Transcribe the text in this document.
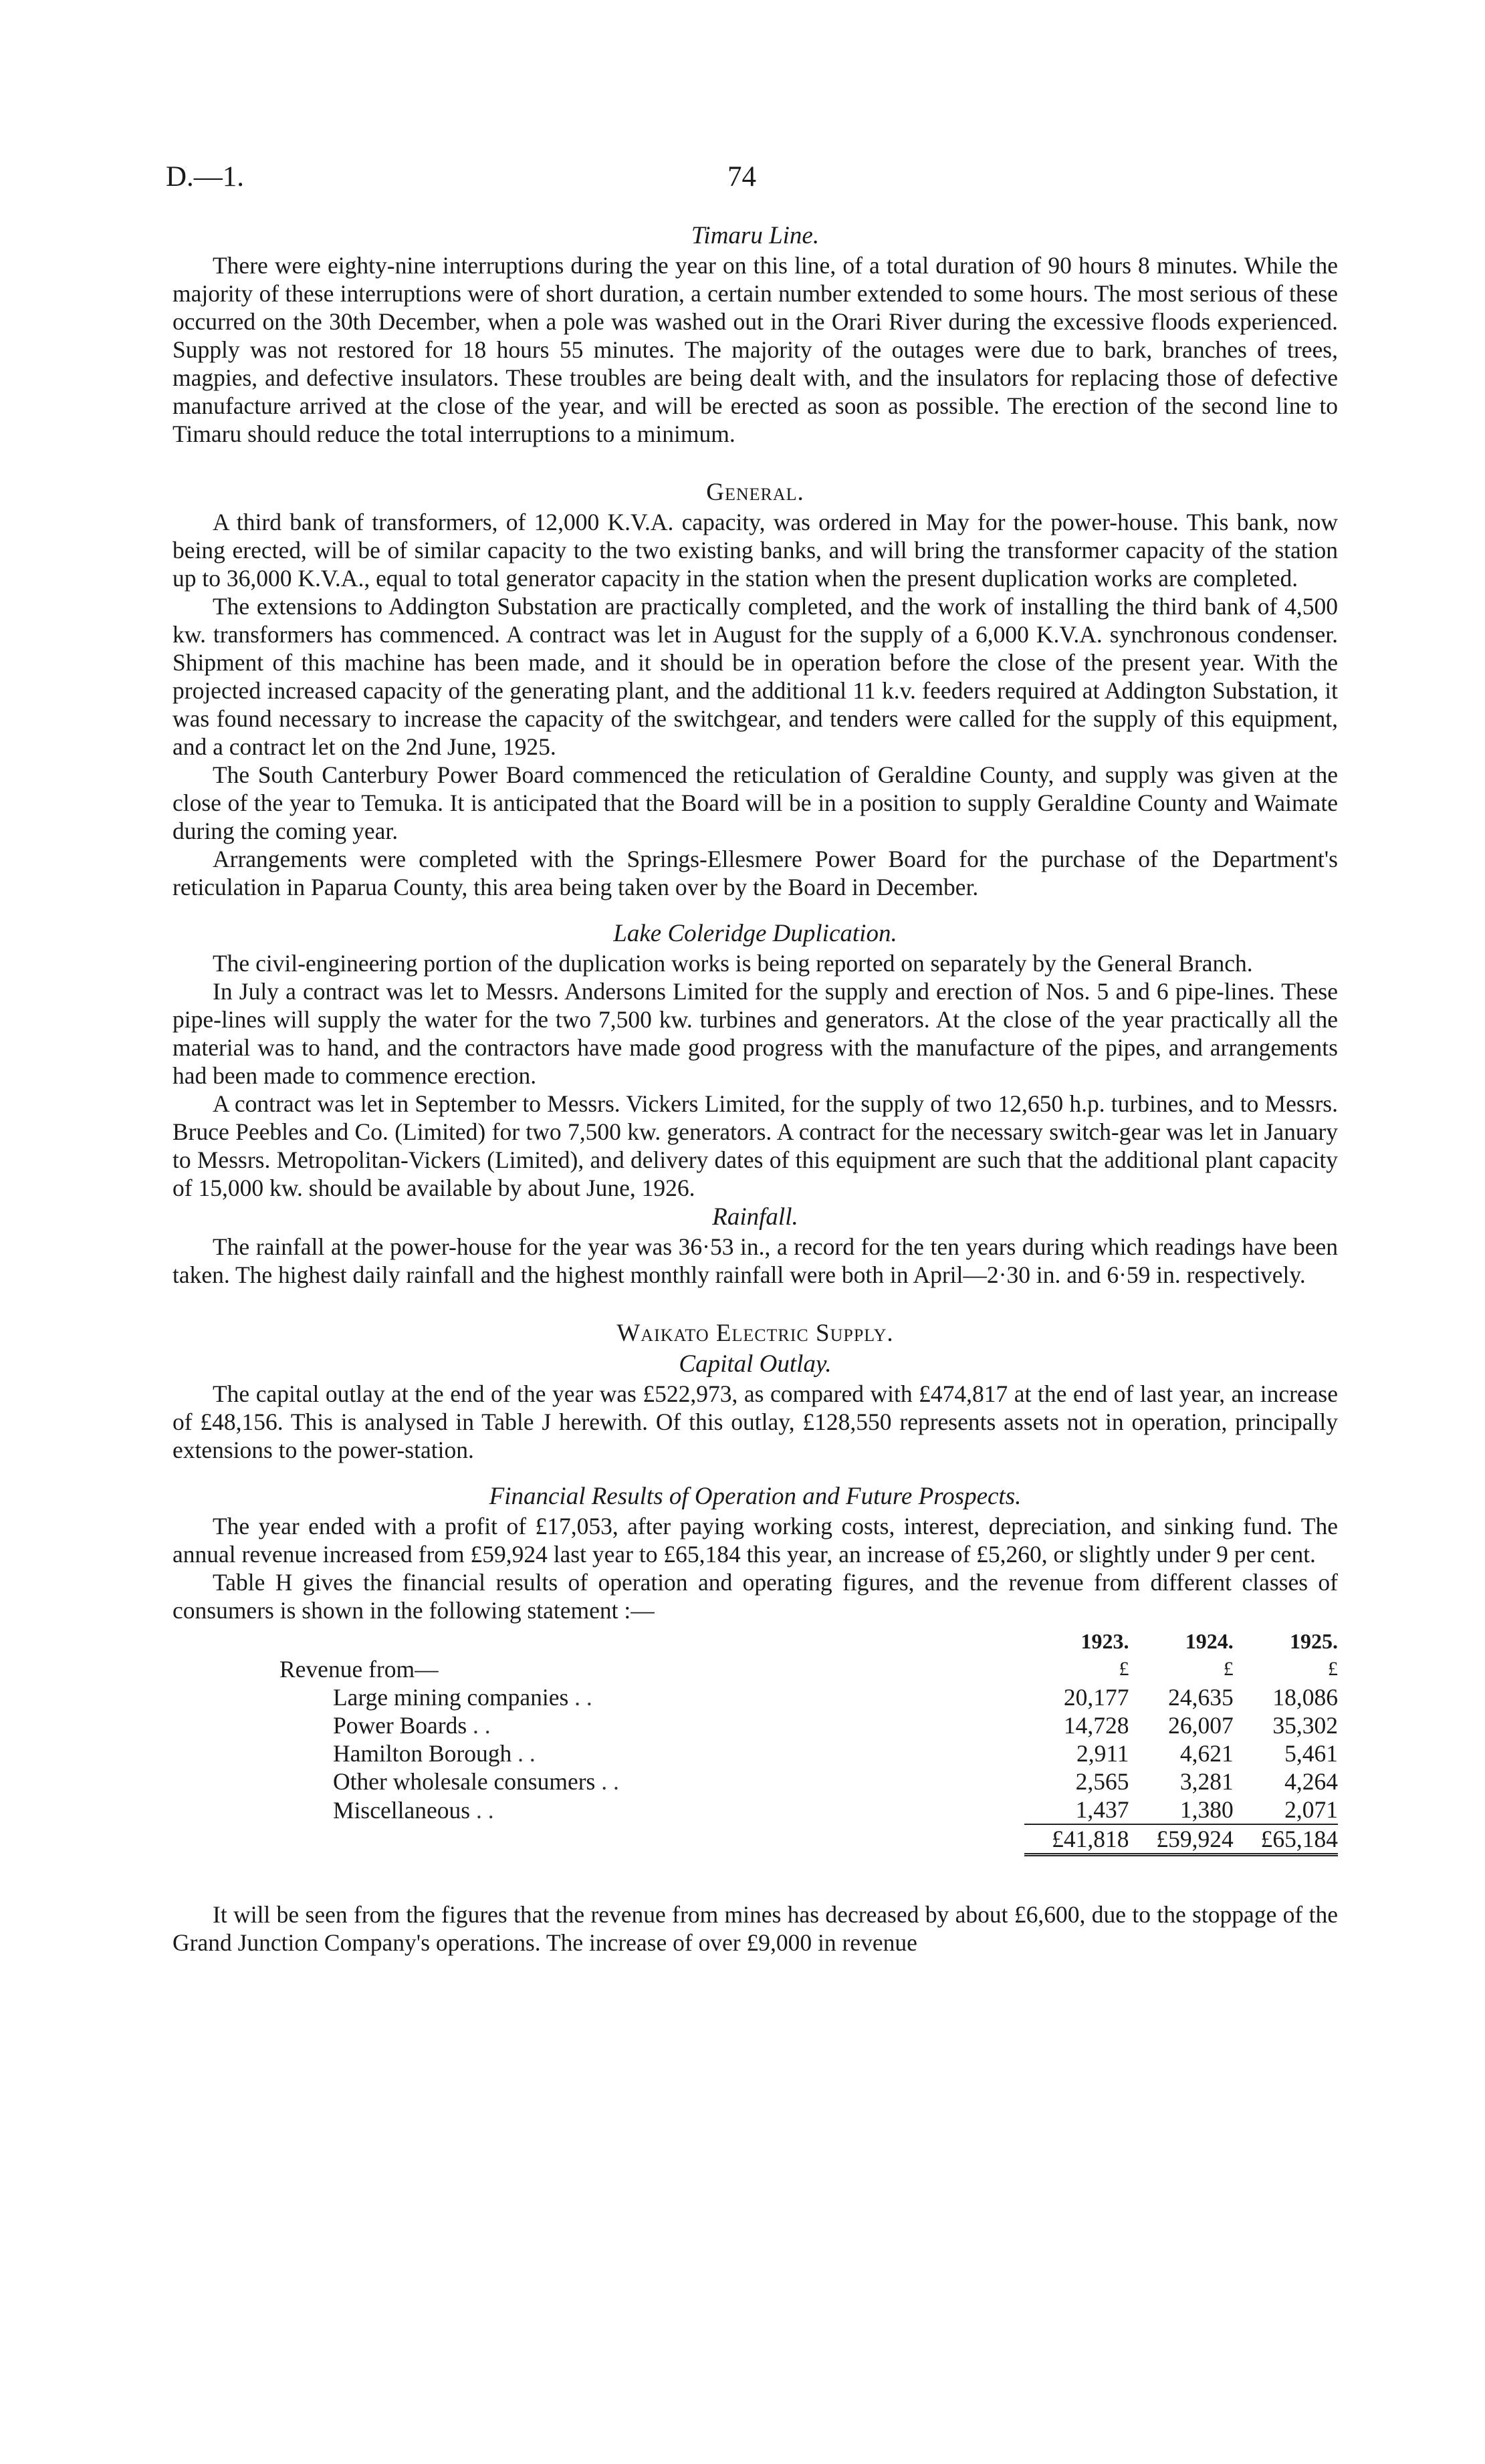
D.—1.	74
Timaru Line.

There were eighty-nine interruptions during the year on this line, of a total duration of 90 hours 8 minutes. While the majority of these interruptions were of short duration, a certain number extended to some hours. The most serious of these occurred on the 30th December, when a pole was washed out in the Orari River during the excessive floods experienced. Supply was not restored for 18 hours 55 minutes. The majority of the outages were due to bark, branches of trees, magpies, and defective insulators. These troubles are being dealt with, and the insulators for replacing those of defective manufacture arrived at the close of the year, and will be erected as soon as possible. The erection of the second line to Timaru should reduce the total interruptions to a minimum.

General.

A third bank of transformers, of 12,000 K.V.A. capacity, was ordered in May for the power-house. This bank, now being erected, will be of similar capacity to the two existing banks, and will bring the transformer capacity of the station up to 36,000 K.V.A., equal to total generator capacity in the station when the present duplication works are completed.

The extensions to Addington Substation are practically completed, and the work of installing the third bank of 4,500 kw. transformers has commenced. A contract was let in August for the supply of a 6,000 K.V.A. synchronous condenser. Shipment of this machine has been made, and it should be in operation before the close of the present year. With the projected increased capacity of the generating plant, and the additional 11 k.v. feeders required at Addington Substation, it was found necessary to increase the capacity of the switchgear, and tenders were called for the supply of this equipment, and a contract let on the 2nd June, 1925.

The South Canterbury Power Board commenced the reticulation of Geraldine County, and supply was given at the close of the year to Temuka. It is anticipated that the Board will be in a position to supply Geraldine County and Waimate during the coming year.

Arrangements were completed with the Springs-Ellesmere Power Board for the purchase of the Department's reticulation in Paparua County, this area being taken over by the Board in December.

Lake Coleridge Duplication.

The civil-engineering portion of the duplication works is being reported on separately by the General Branch.

In July a contract was let to Messrs. Andersons Limited for the supply and erection of Nos. 5 and 6 pipe-lines. These pipe-lines will supply the water for the two 7,500 kw. turbines and generators. At the close of the year practically all the material was to hand, and the contractors have made good progress with the manufacture of the pipes, and arrangements had been made to commence erection.

A contract was let in September to Messrs. Vickers Limited, for the supply of two 12,650 h.p. turbines, and to Messrs. Bruce Peebles and Co. (Limited) for two 7,500 kw. generators. A contract for the necessary switch-gear was let in January to Messrs. Metropolitan-Vickers (Limited), and delivery dates of this equipment are such that the additional plant capacity of 15,000 kw. should be available by about June, 1926.

Rainfall.

The rainfall at the power-house for the year was 36·53 in., a record for the ten years during which readings have been taken. The highest daily rainfall and the highest monthly rainfall were both in April—2·30 in. and 6·59 in. respectively.

Waikato Electric Supply.
Capital Outlay.

The capital outlay at the end of the year was £522,973, as compared with £474,817 at the end of last year, an increase of £48,156. This is analysed in Table J herewith. Of this outlay, £128,550 represents assets not in operation, principally extensions to the power-station.

Financial Results of Operation and Future Prospects.

The year ended with a profit of £17,053, after paying working costs, interest, depreciation, and sinking fund. The annual revenue increased from £59,924 last year to £65,184 this year, an increase of £5,260, or slightly under 9 per cent.

Table H gives the financial results of operation and operating figures, and the revenue from different classes of consumers is shown in the following statement :—

	1923.	1924.	1925.
Revenue from—	£	£	£
Large mining companies . .	20,177	24,635	18,086
Power Boards . .	14,728	26,007	35,302
Hamilton Borough . .	2,911	4,621	5,461
Other wholesale consumers . .	2,565	3,281	4,264
Miscellaneous . .	1,437	1,380	2,071
	£41,818	£59,924	£65,184

It will be seen from the figures that the revenue from mines has decreased by about £6,600, due to the stoppage of the Grand Junction Company's operations. The increase of over £9,000 in revenue
